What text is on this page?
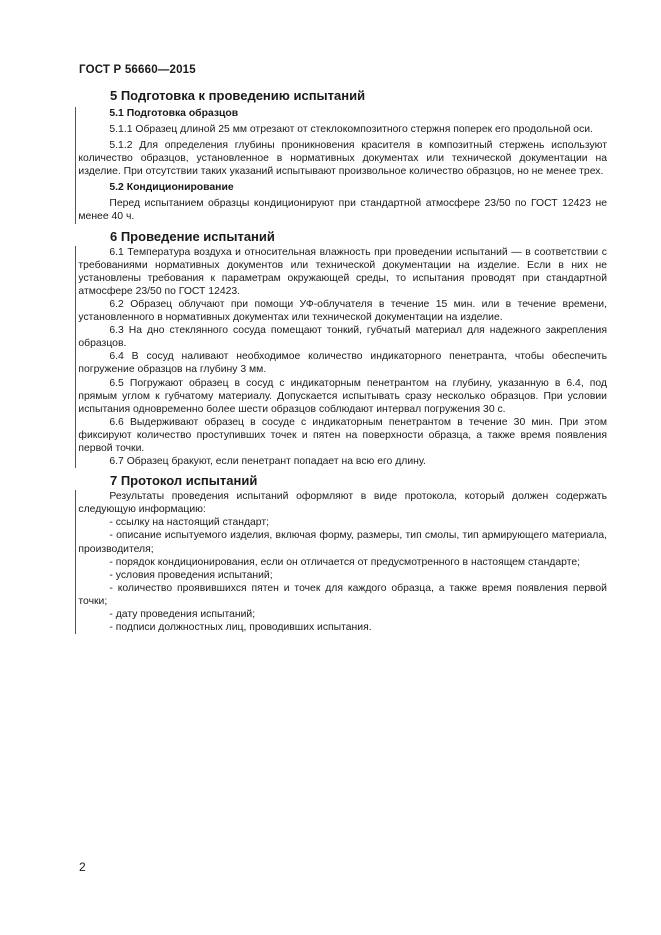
ГОСТ Р 56660—2015
5 Подготовка к проведению испытаний
5.1 Подготовка образцов

5.1.1 Образец длиной 25 мм отрезают от стеклокомпозитного стержня поперек его продольной оси.

5.1.2 Для определения глубины проникновения красителя в композитный стержень используют количество образцов, установленное в нормативных документах или технической документации на изделие. При отсутствии таких указаний испытывают произвольное количество образцов, но не менее трех.

5.2 Кондиционирование

Перед испытанием образцы кондиционируют при стандартной атмосфере 23/50 по ГОСТ 12423 не менее 40 ч.

6 Проведение испытаний

6.1 Температура воздуха и относительная влажность при проведении испытаний — в соответствии с требованиями нормативных документов или технической документации на изделие. Если в них не установлены требования к параметрам окружающей среды, то испытания проводят при стандартной атмосфере 23/50 по ГОСТ 12423.

6.2 Образец облучают при помощи УФ-облучателя в течение 15 мин. или в течение времени, установленного в нормативных документах или технической документации на изделие.

6.3 На дно стеклянного сосуда помещают тонкий, губчатый материал для надежного закрепления образцов.

6.4 В сосуд наливают необходимое количество индикаторного пенетранта, чтобы обеспечить погружение образцов на глубину 3 мм.

6.5 Погружают образец в сосуд с индикаторным пенетрантом на глубину, указанную в 6.4, под прямым углом к губчатому материалу. Допускается испытывать сразу несколько образцов. При условии испытания одновременно более шести образцов соблюдают интервал погружения 30 с.

6.6 Выдерживают образец в сосуде с индикаторным пенетрантом в течение 30 мин. При этом фиксируют количество проступивших точек и пятен на поверхности образца, а также время появления первой точки.

6.7 Образец бракуют, если пенетрант попадает на всю его длину.

7 Протокол испытаний

Результаты проведения испытаний оформляют в виде протокола, который должен содержать следующую информацию:

- ссылку на настоящий стандарт;
- описание испытуемого изделия, включая форму, размеры, тип смолы, тип армирующего материала, производителя;
- порядок кондиционирования, если он отличается от предусмотренного в настоящем стандарте;
- условия проведения испытаний;
- количество проявившихся пятен и точек для каждого образца, а также время появления первой точки;
- дату проведения испытаний;
- подписи должностных лиц, проводивших испытания.
2
